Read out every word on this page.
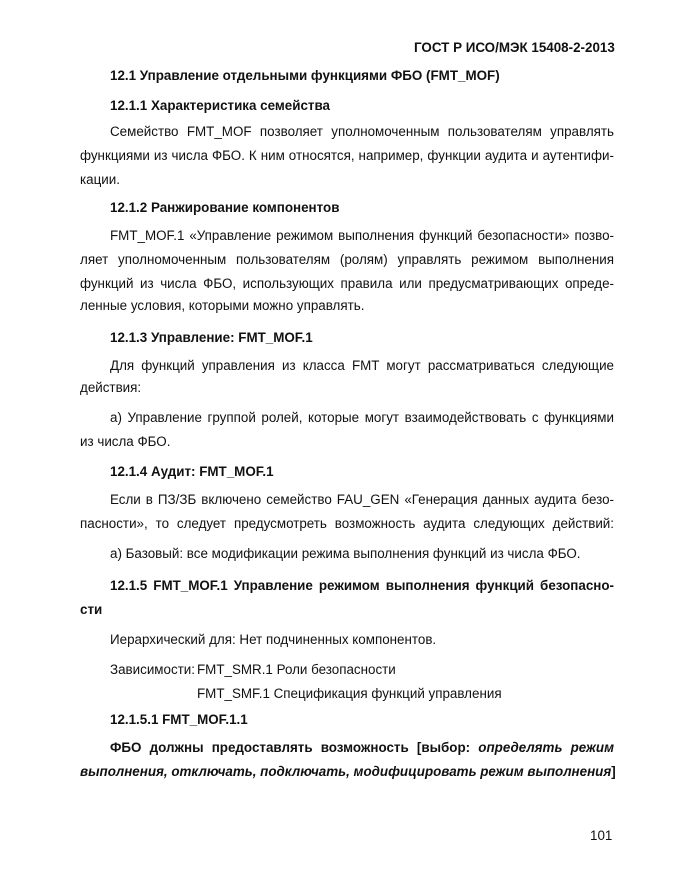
ГОСТ Р ИСО/МЭК 15408-2-2013
12.1 Управление отдельными функциями ФБО (FMT_MOF)
12.1.1 Характеристика семейства
Семейство FMT_MOF позволяет уполномоченным пользователям управлять
функциями из числа ФБО. К ним относятся, например, функции аудита и аутентифи-
кации.
12.1.2 Ранжирование компонентов
FMT_MOF.1 «Управление режимом выполнения функций безопасности» позво-
ляет уполномоченным пользователям (ролям) управлять режимом выполнения
функций из числа ФБО, использующих правила или предусматривающих опреде-
ленные условия, которыми можно управлять.
12.1.3 Управление: FMT_MOF.1
Для функций управления из класса FMT могут рассматриваться следующие
действия:
а) Управление группой ролей, которые могут взаимодействовать с функциями
из числа ФБО.
12.1.4 Аудит: FMT_MOF.1
Если в ПЗ/ЗБ включено семейство FAU_GEN «Генерация данных аудита безо-
пасности», то следует предусмотреть возможность аудита следующих действий:
а) Базовый: все модификации режима выполнения функций из числа ФБО.
12.1.5 FMT_MOF.1 Управление режимом выполнения функций безопасно-
сти
Иерархический для: Нет подчиненных компонентов.
Зависимости: FMT_SMR.1 Роли безопасности
FMT_SMF.1 Спецификация функций управления
12.1.5.1 FMT_MOF.1.1
ФБО должны предоставлять возможность [выбор: определять режим
выполнения, отключать, подключать, модифицировать режим выполнения]
101
